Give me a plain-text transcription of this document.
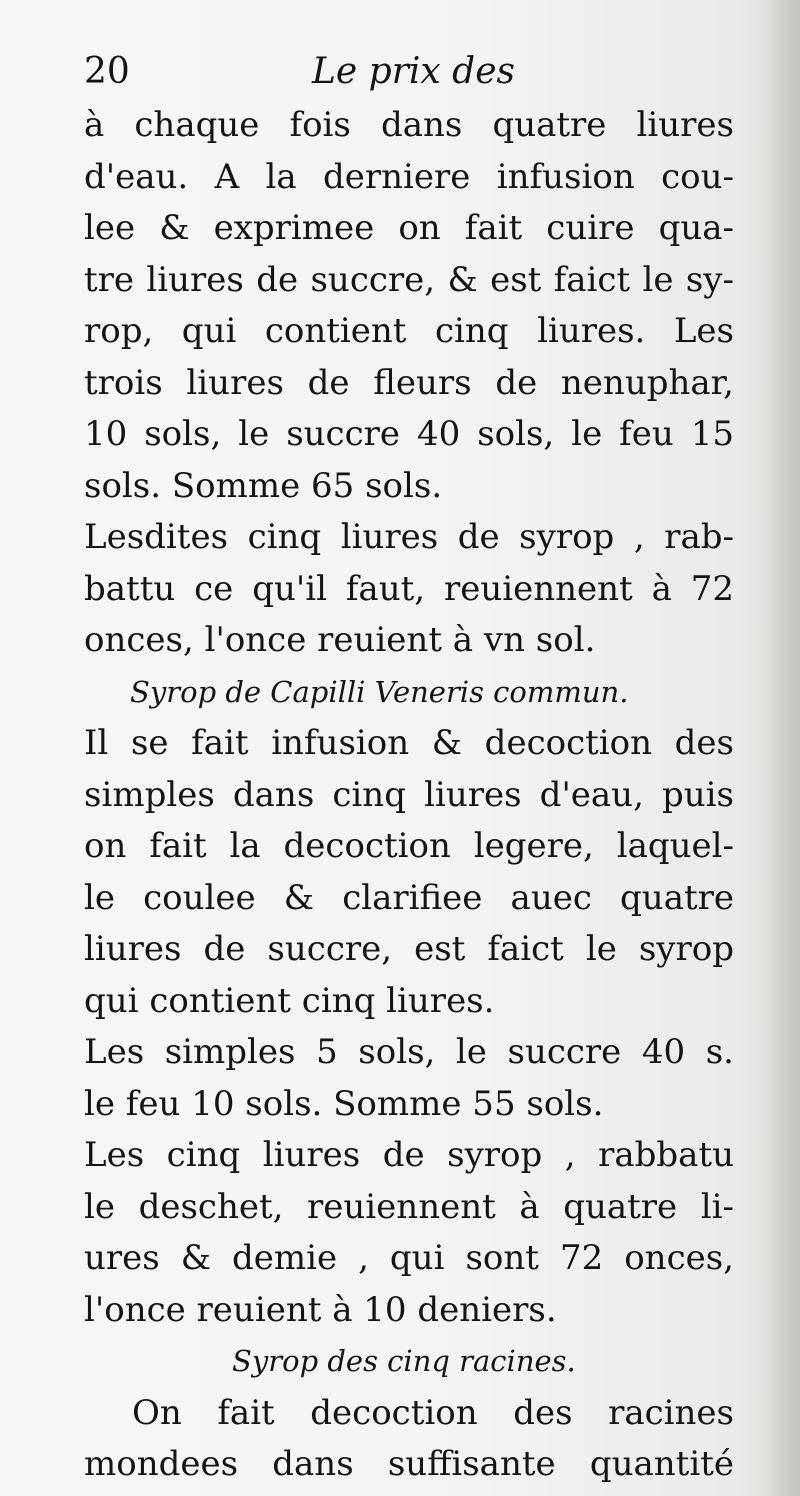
20	Le prix des
à chaque fois dans quatre liures
d'eau. A la derniere infusion cou-
lee & exprimee on fait cuire qua-
tre liures de succre, & est faict le sy-
rop, qui contient cinq liures. Les
trois liures de fleurs de nenuphar,
10 sols, le succre 40 sols, le feu 15
sols. Somme 65 sols.
Lesdites cinq liures de syrop , rab-
battu ce qu'il faut, reuiennent à 72
onces, l'once reuient à vn sol.
Syrop de Capilli Veneris commun.
Il se fait infusion & decoction des
simples dans cinq liures d'eau, puis
on fait la decoction legere, laquel-
le coulee & clarifiee auec quatre
liures de succre, est faict le syrop
qui contient cinq liures.
Les simples 5 sols, le succre 40 s.
le feu 10 sols. Somme 55 sols.
Les cinq liures de syrop , rabbatu
le deschet, reuiennent à quatre li-
ures & demie , qui sont 72 onces,
l'once reuient à 10 deniers.
Syrop des cinq racines.
On fait decoction des racines
mondees dans suffisante quantité
